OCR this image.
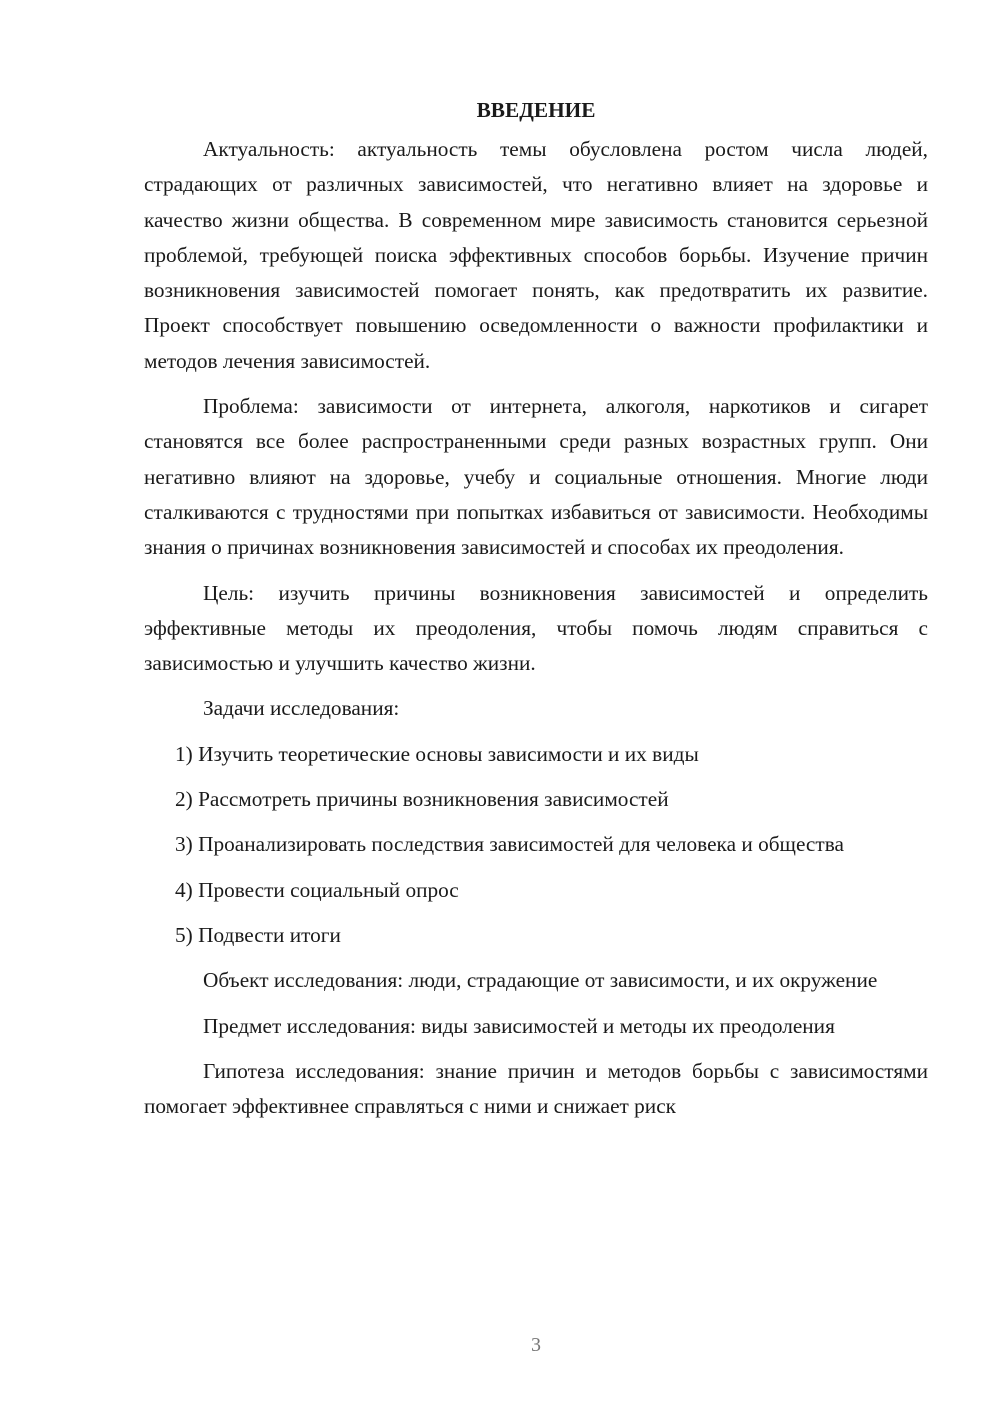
ВВЕДЕНИЕ

Актуальность: актуальность темы обусловлена ростом числа людей, страдающих от различных зависимостей, что негативно влияет на здоровье и качество жизни общества. В современном мире зависимость становится серьезной проблемой, требующей поиска эффективных способов борьбы. Изучение причин возникновения зависимостей помогает понять, как предотвратить их развитие. Проект способствует повышению осведомленности о важности профилактики и методов лечения зависимостей.

Проблема: зависимости от интернета, алкоголя, наркотиков и сигарет становятся все более распространенными среди разных возрастных групп. Они негативно влияют на здоровье, учебу и социальные отношения. Многие люди сталкиваются с трудностями при попытках избавиться от зависимости. Необходимы знания о причинах возникновения зависимостей и способах их преодоления.

Цель: изучить причины возникновения зависимостей и определить эффективные методы их преодоления, чтобы помочь людям справиться с зависимостью и улучшить качество жизни.

Задачи исследования:

1) Изучить теоретические основы зависимости и их виды

2) Рассмотреть причины возникновения зависимостей

3) Проанализировать последствия зависимостей для человека и общества

4) Провести социальный опрос

5) Подвести итоги

Объект исследования: люди, страдающие от зависимости, и их окружение

Предмет исследования: виды зависимостей и методы их преодоления

Гипотеза исследования: знание причин и методов борьбы с зависимостями помогает эффективнее справляться с ними и снижает риск

3
